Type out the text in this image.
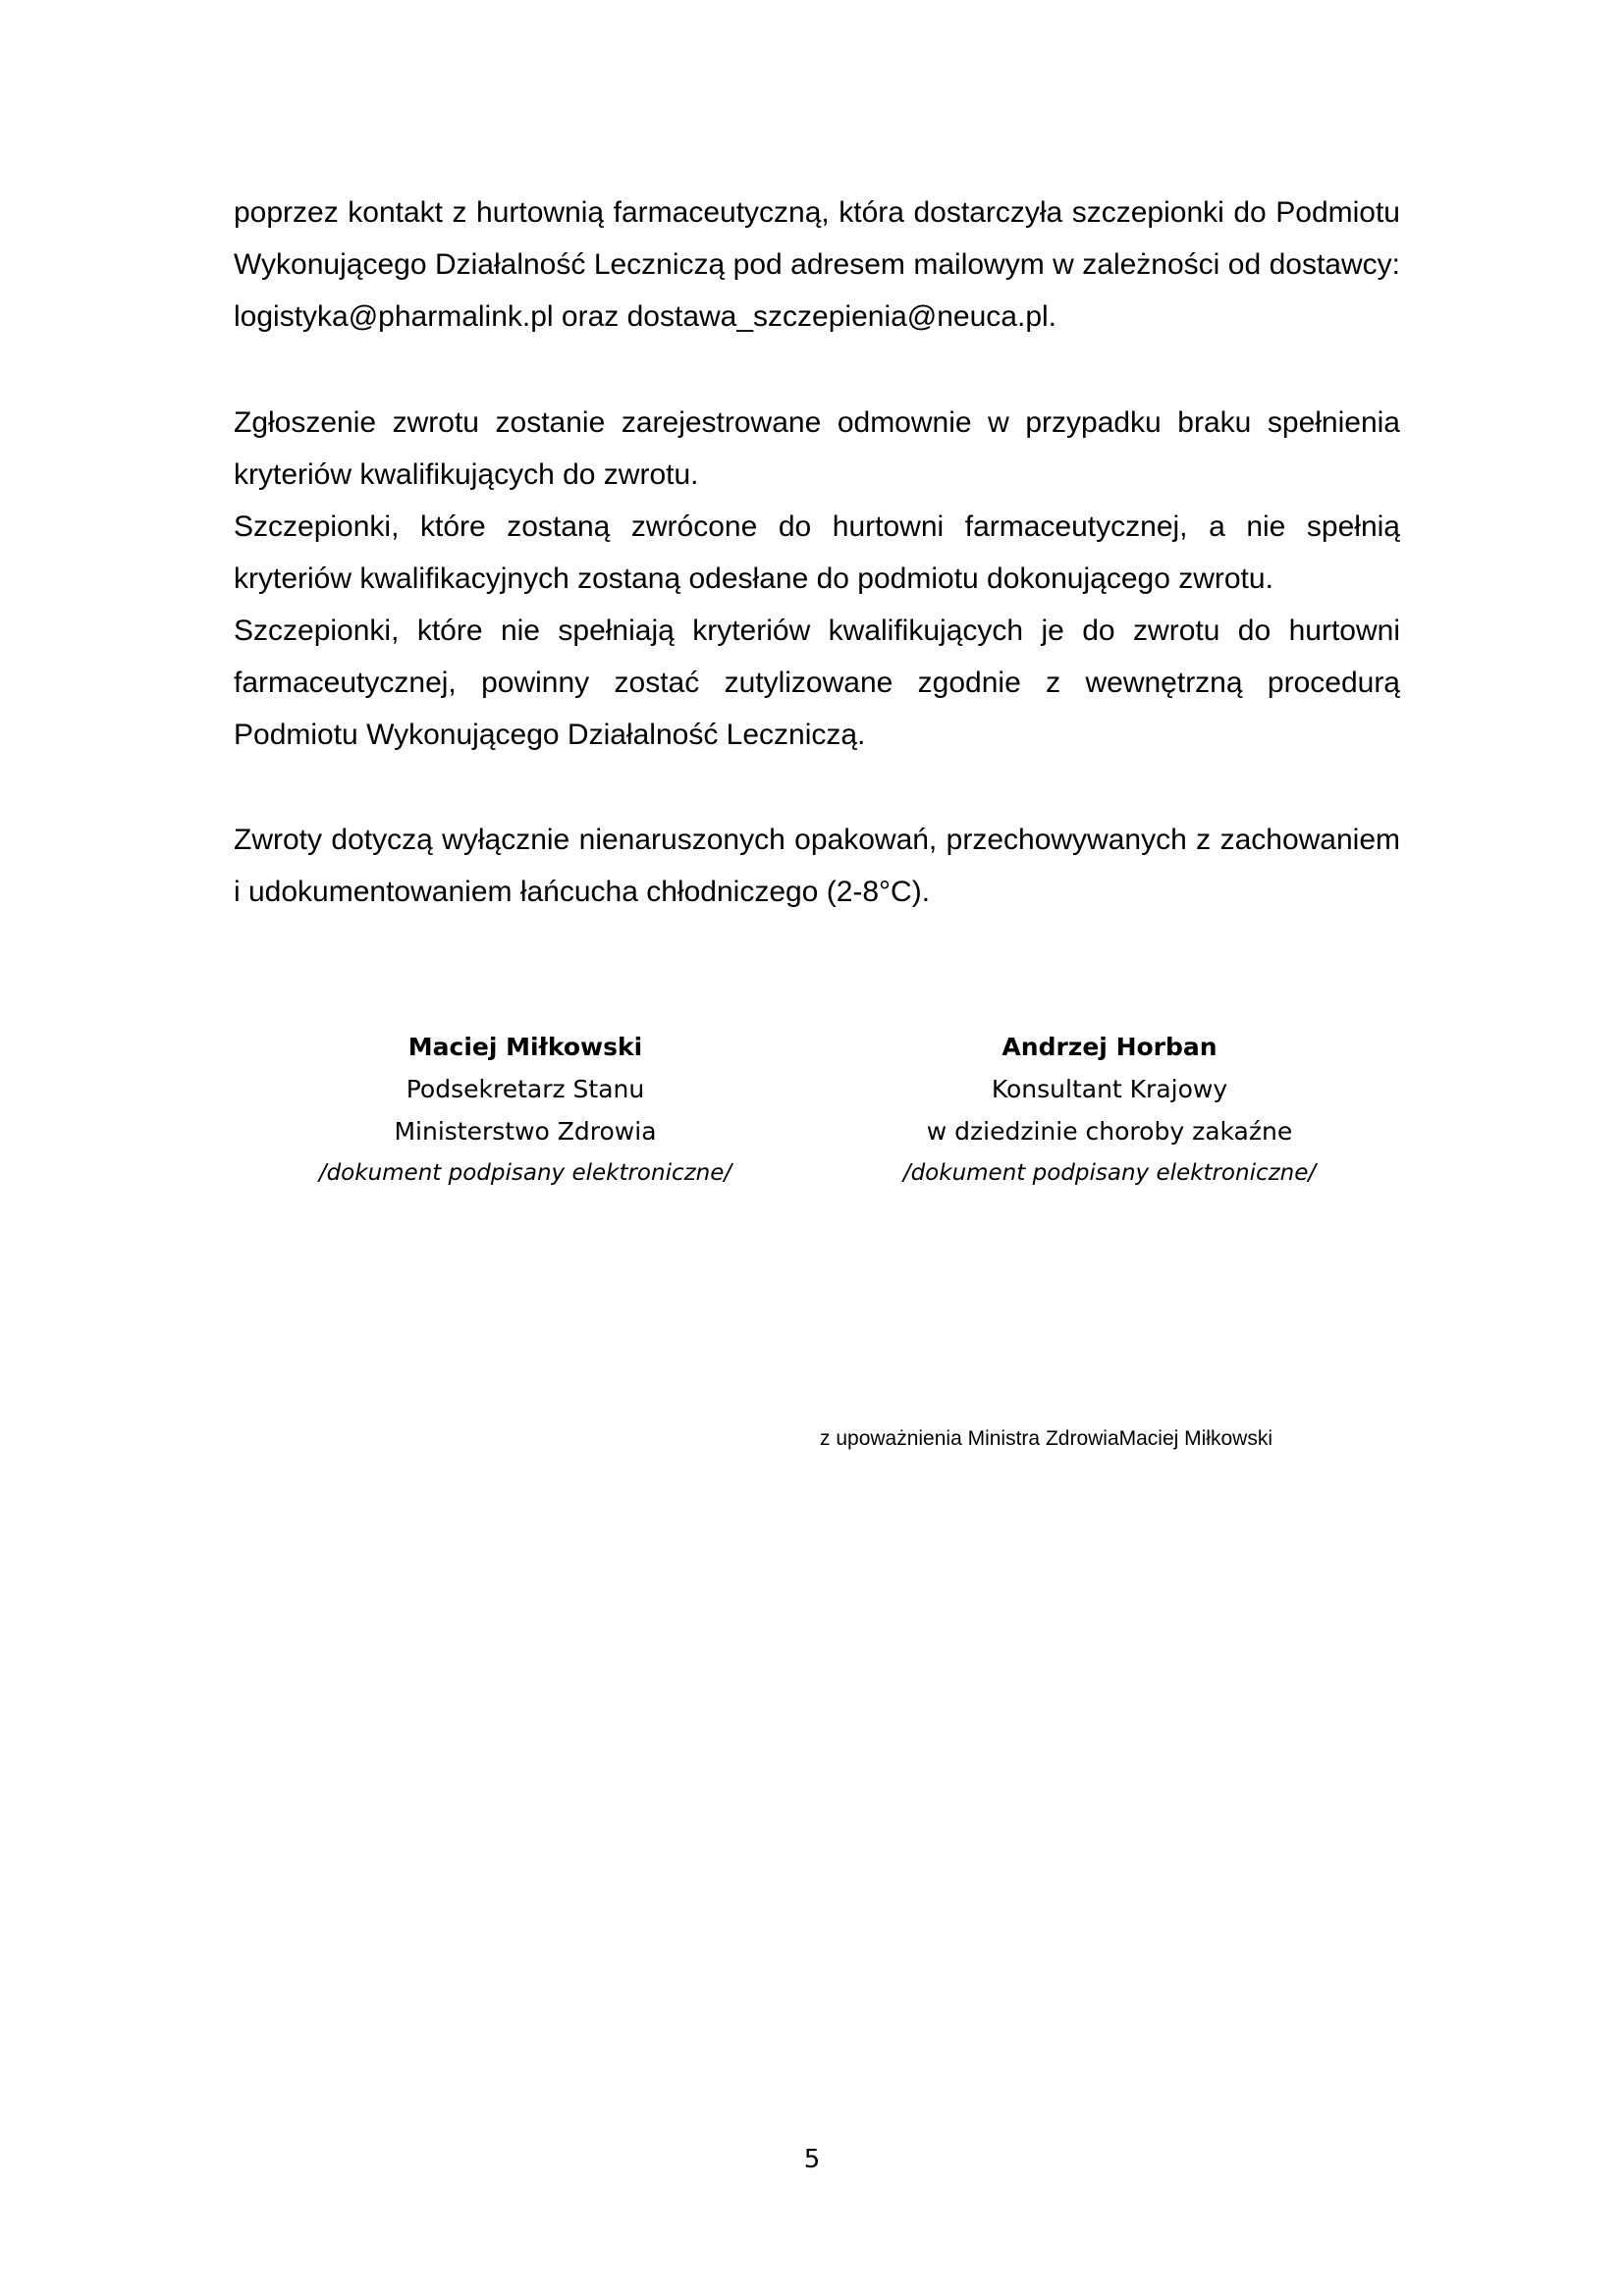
poprzez kontakt z hurtownią farmaceutyczną, która dostarczyła szczepionki do Podmiotu Wykonującego Działalność Leczniczą pod adresem mailowym w zależności od dostawcy: logistyka@pharmalink.pl oraz dostawa_szczepienia@neuca.pl.

Zgłoszenie zwrotu zostanie zarejestrowane odmownie w przypadku braku spełnienia kryteriów kwalifikujących do zwrotu.

Szczepionki, które zostaną zwrócone do hurtowni farmaceutycznej, a nie spełnią kryteriów kwalifikacyjnych zostaną odesłane do podmiotu dokonującego zwrotu.

Szczepionki, które nie spełniają kryteriów kwalifikujących je do zwrotu do hurtowni farmaceutycznej, powinny zostać zutylizowane zgodnie z wewnętrzną procedurą Podmiotu Wykonującego Działalność Leczniczą.

Zwroty dotyczą wyłącznie nienaruszonych opakowań, przechowywanych z zachowaniem i udokumentowaniem łańcucha chłodniczego (2-8°C).

Maciej Miłkowski
Podsekretarz Stanu
Ministerstwo Zdrowia
/dokument podpisany elektroniczne/
Andrzej Horban
Konsultant Krajowy
w dziedzinie choroby zakaźne
/dokument podpisany elektroniczne/
z upoważnienia Ministra ZdrowiaMaciej Miłkowski
5
